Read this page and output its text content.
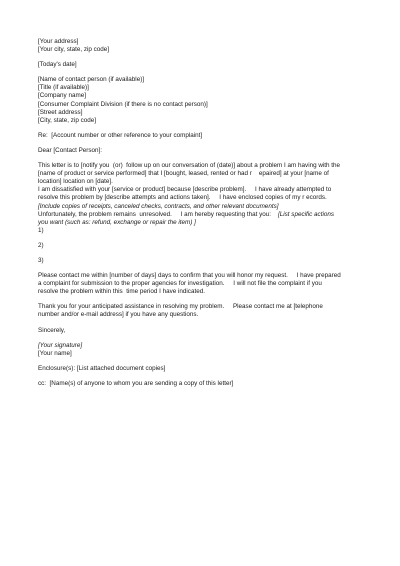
[Your address]
[Your city, state, zip code]
[Today's date]
[Name of contact person (if available)]
[Title (if available)]
[Company name]
[Consumer Complaint Division (if there is no contact person)]
[Street address]
[City, state, zip code]
Re:  [Account number or other reference to your complaint]
Dear [Contact Person]:
This letter is to [notify you  (or)  follow up on our conversation of (date)] about a problem I am having with the
[name of product or service performed] that I [bought, leased, rented or had r    epaired] at your [name of
location] location on [date].
I am dissatisfied with your [service or product] because [describe problem].     I have already attempted to
resolve this problem by [describe attempts and actions taken].     I have enclosed copies of my r ecords.
[Include copies of receipts, canceled checks, contracts, and other relevant documents]
Unfortunately, the problem remains  unresolved.     I am hereby requesting that you:    [List specific actions
you want (such as: refund, exchange or repair the item) ]
1)
2)
3)
Please contact me within [number of days] days to confirm that you will honor my request.     I have prepared
a complaint for submission to the proper agencies for investigation.     I will not file the complaint if you
resolve the problem within this  time period I have indicated.
Thank you for your anticipated assistance in resolving my problem.     Please contact me at [telephone
number and/or e-mail address] if you have any questions.
Sincerely,
[Your signature]
[Your name]
Enclosure(s): [List attached document copies]
cc:  [Name(s) of anyone to whom you are sending a copy of this letter]
